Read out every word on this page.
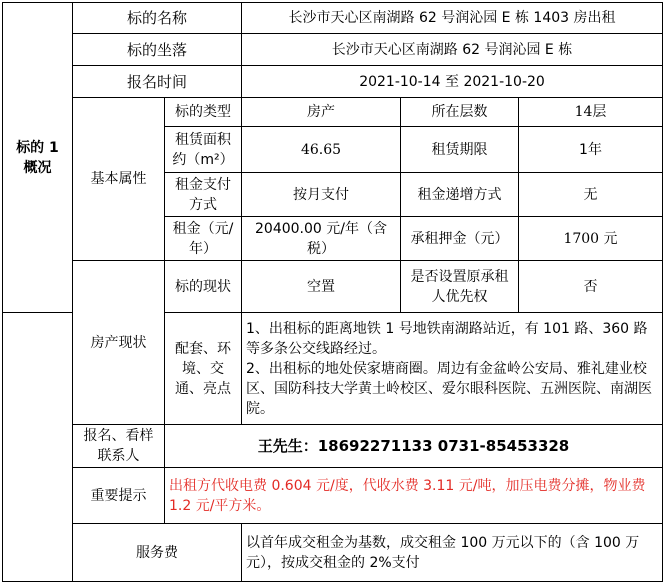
标的 1 概况	标的名称		长沙市天心区南湖路 62 号润沁园 E 栋 1403 房出租		
	标的坐落		长沙市天心区南湖路 62 号润沁园 E 栋		
	报名时间		2021-10-14 至 2021-10-20		
	基本属性	标的类型	房产	所在层数	14层
		租赁面积约（m²）	46.65	租赁期限	1年
		租金支付方式	按月支付	租金递增方式	无
		租金（元/年）	20400.00 元/年（含税）	承租押金（元）	1700 元
	房产现状	标的现状	空置	是否设置原承租人优先权	否
		配套、环境、交通、亮点	1、出租标的距离地铁 1 号地铁南湖路站近，有 101 路、360 路等多条公交线路经过。
2、出租标的地处侯家塘商圈。周边有金盆岭公安局、雅礼建业校区、国防科技大学黄土岭校区、爱尔眼科医院、五洲医院、南湖医院。		

	报名、看样联系人	王先生：18692271133 0731-85453328			
	重要提示	出租方代收电费 0.604 元/度，代收水费 3.11 元/吨，加压电费分摊，物业费 1.2 元/平方米。			
	服务费		以首年成交租金为基数，成交租金 100 万元以下的（含 100 万元），按成交租金的 2%支付		
